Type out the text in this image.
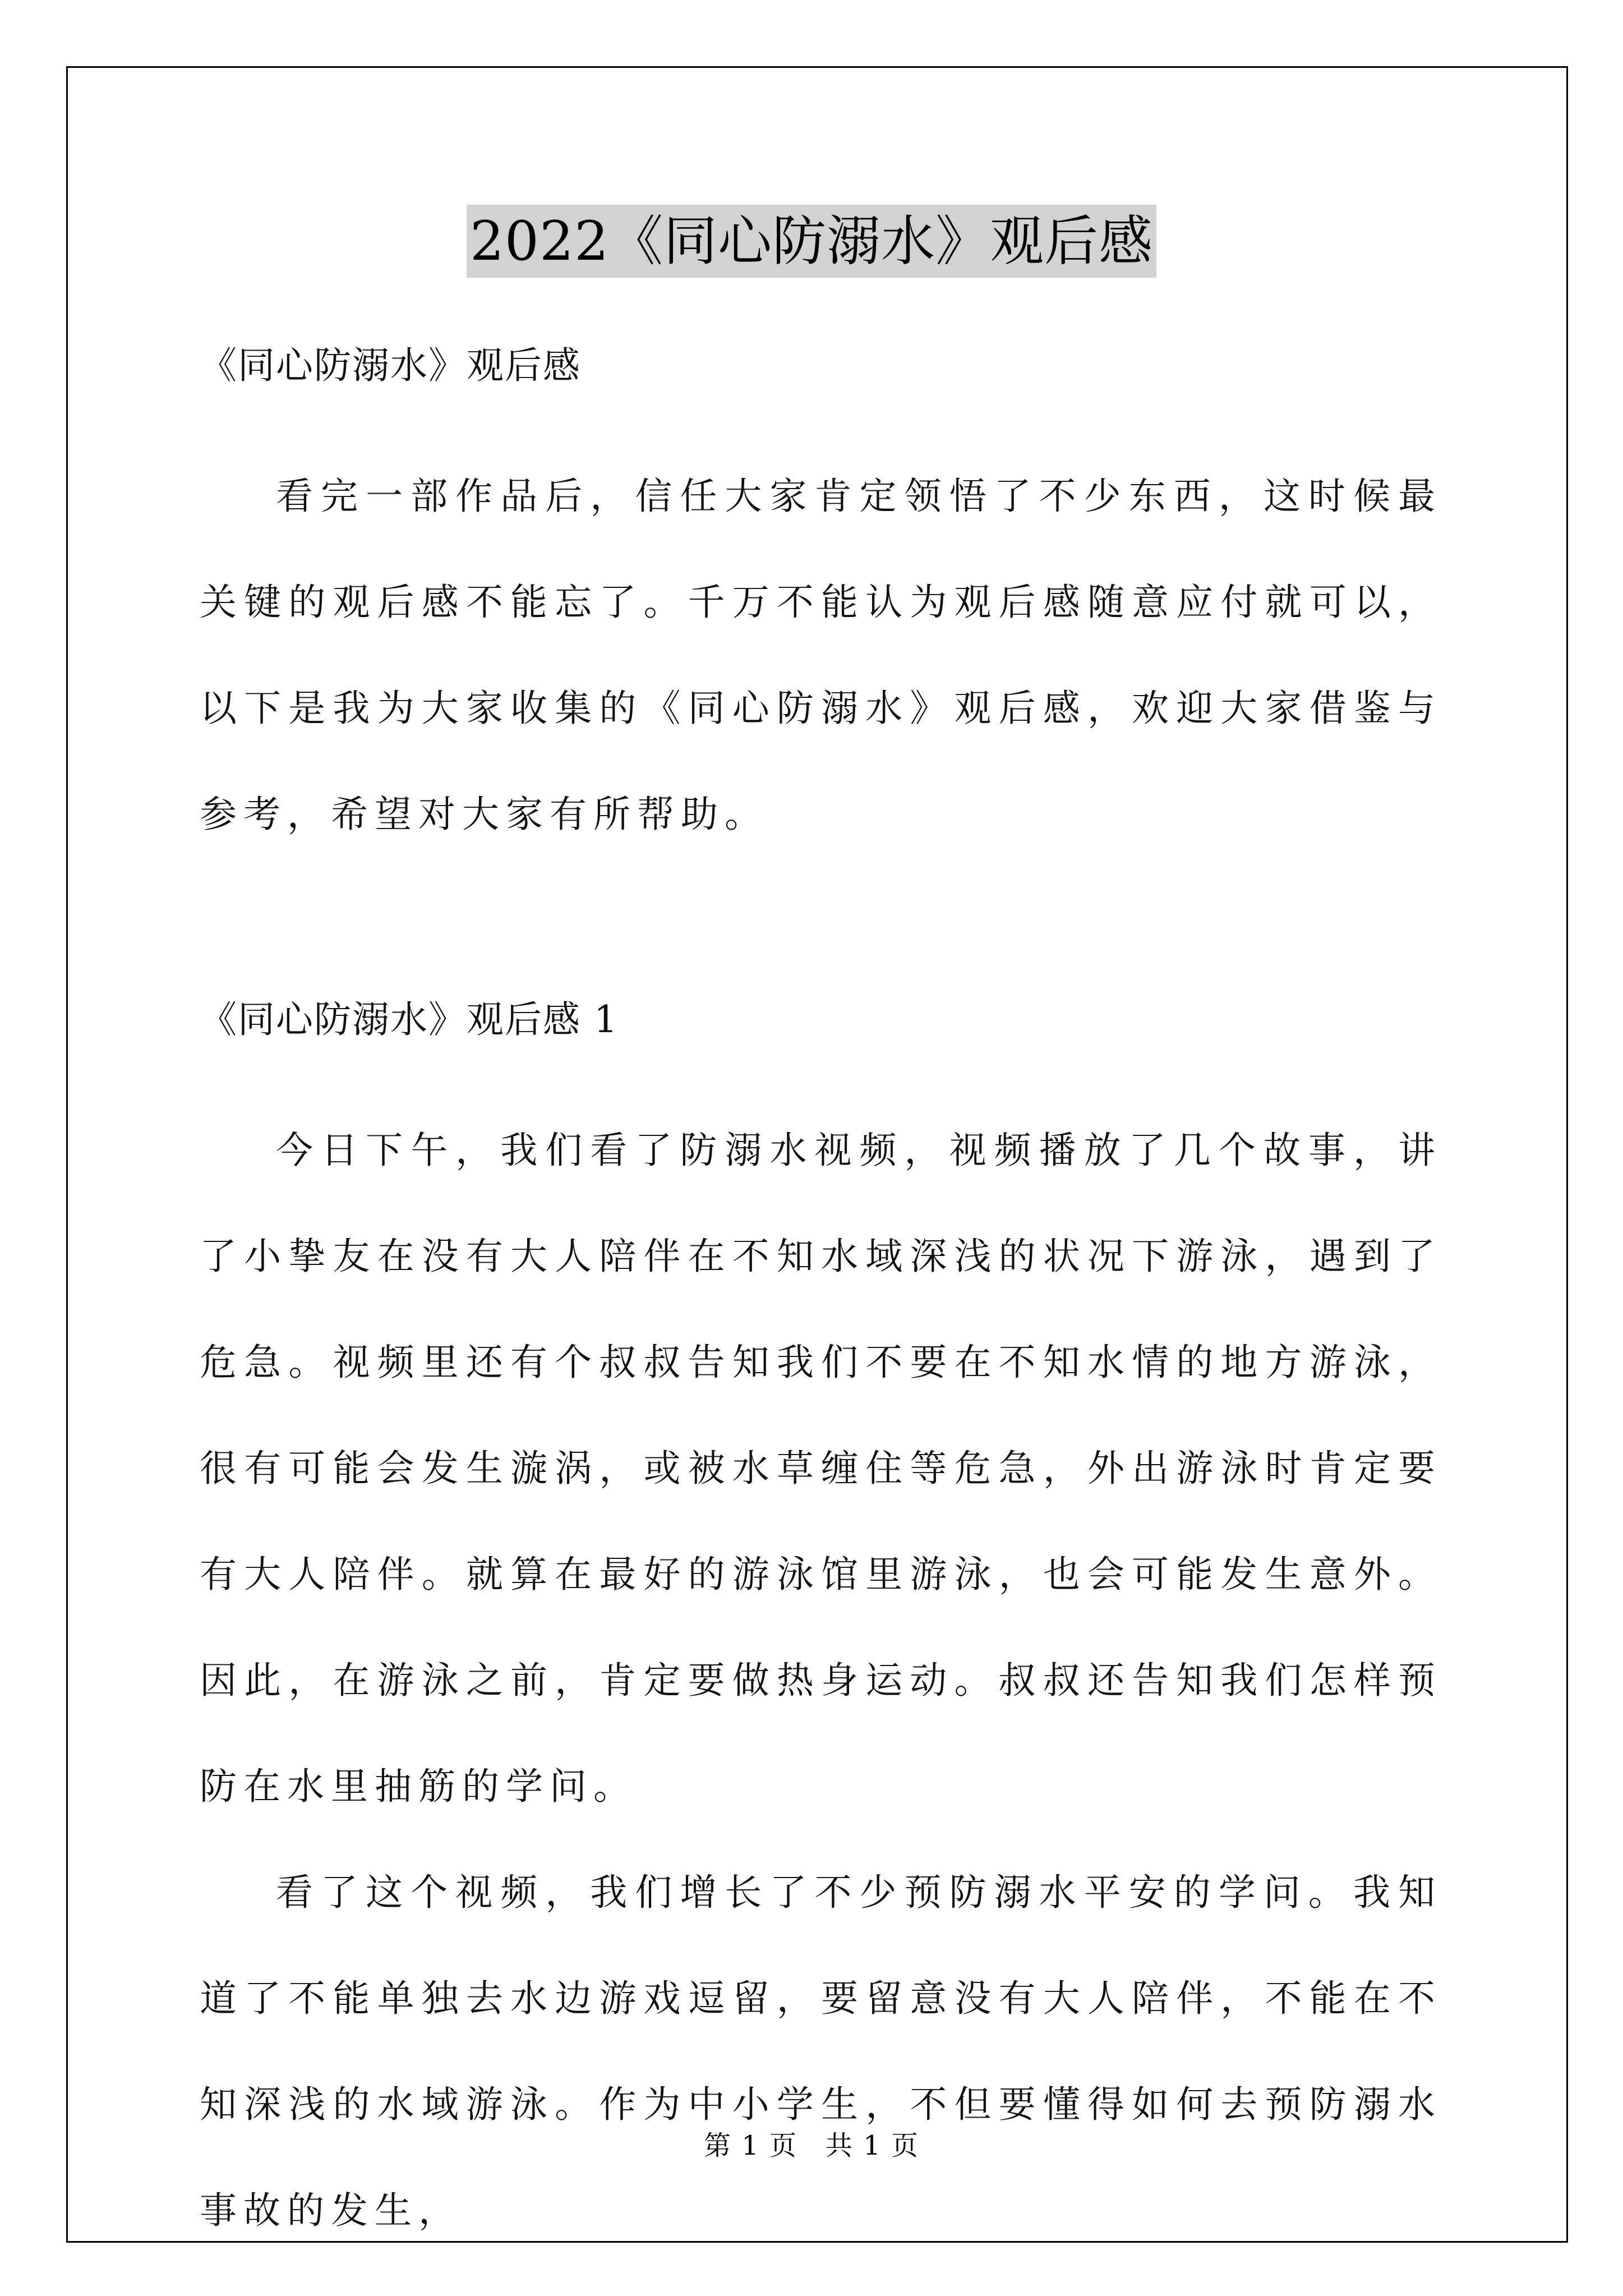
2022《同心防溺水》观后感

《同心防溺水》观后感

看完一部作品后，信任大家肯定领悟了不少东西，这时候最关键的观后感不能忘了。千万不能认为观后感随意应付就可以，以下是我为大家收集的《同心防溺水》观后感，欢迎大家借鉴与参考，希望对大家有所帮助。

《同心防溺水》观后感 1

今日下午，我们看了防溺水视频，视频播放了几个故事，讲了小挚友在没有大人陪伴在不知水域深浅的状况下游泳，遇到了危急。视频里还有个叔叔告知我们不要在不知水情的地方游泳，很有可能会发生漩涡，或被水草缠住等危急，外出游泳时肯定要有大人陪伴。就算在最好的游泳馆里游泳，也会可能发生意外。因此，在游泳之前，肯定要做热身运动。叔叔还告知我们怎样预防在水里抽筋的学问。

看了这个视频，我们增长了不少预防溺水平安的学问。我知道了不能单独去水边游戏逗留，要留意没有大人陪伴，不能在不知深浅的水域游泳。作为中小学生，不但要懂得如何去预防溺水事故的发生，

第 1 页　共 1 页
